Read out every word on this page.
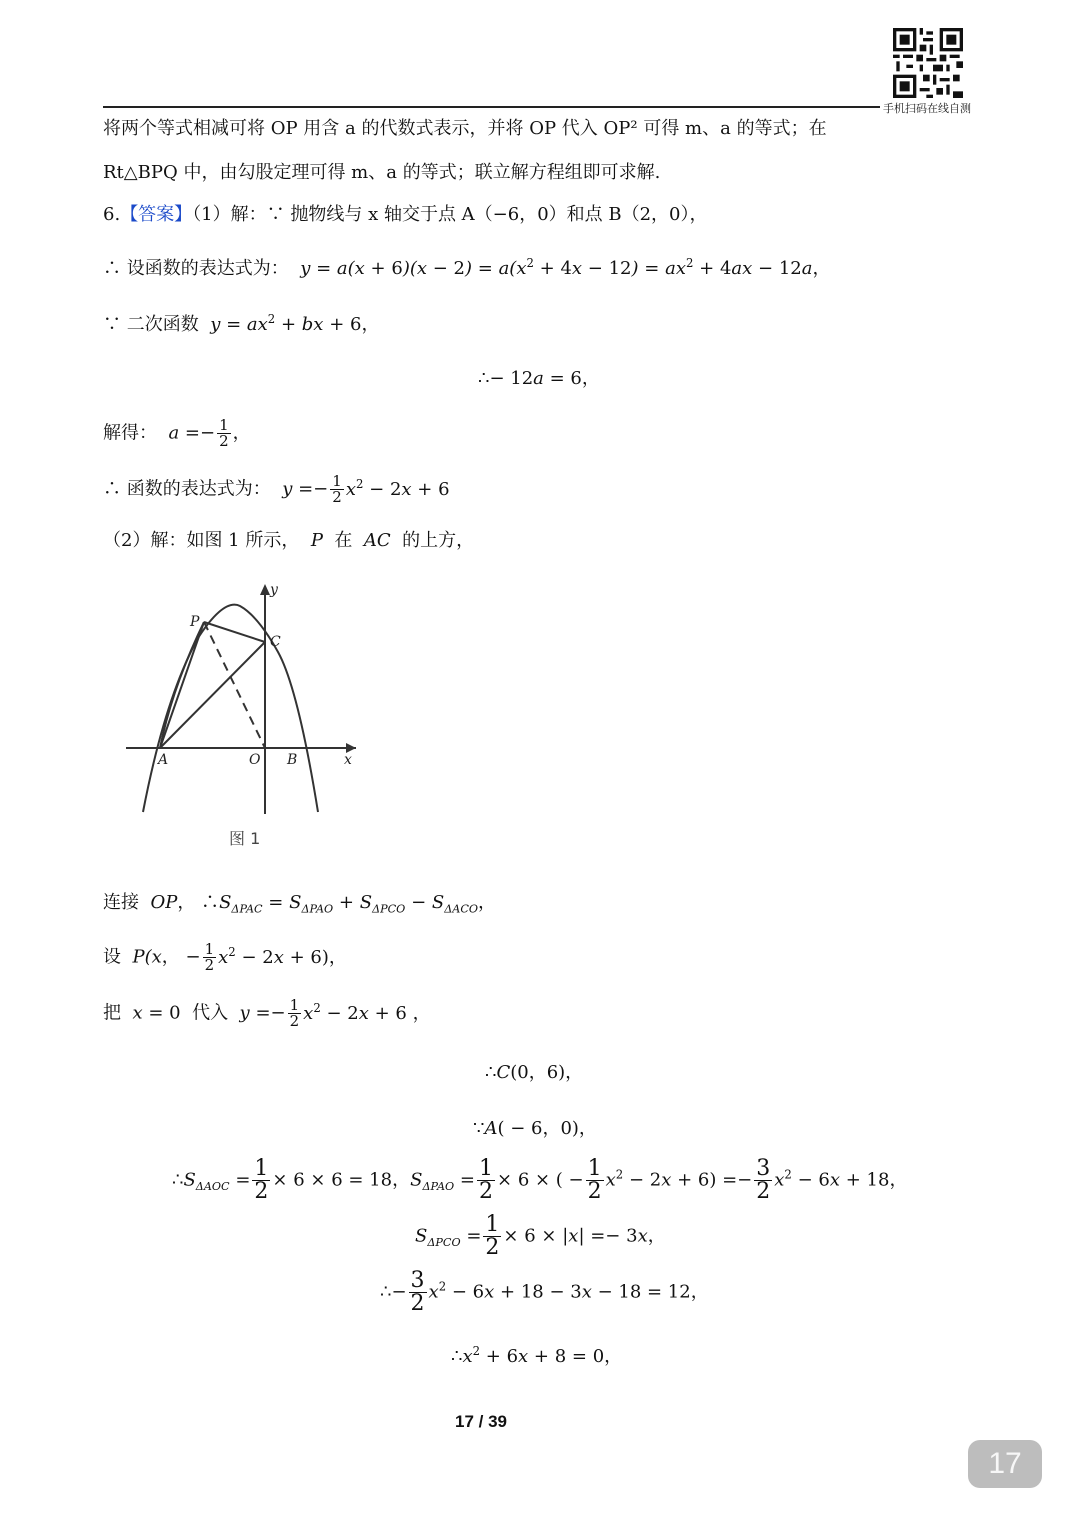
手机扫码在线自测
将两个等式相减可将 OP 用含 a 的代数式表示，并将 OP 代入 OP² 可得 m、a 的等式；在
Rt△BPQ 中，由勾股定理可得 m、a 的等式；联立解方程组即可求解.
6.【答案】（1）解：∵ 抛物线与 x 轴交于点 A（−6，0）和点 B（2，0），
∴ 设函数的表达式为：  $y = a(x + 6)(x - 2) = a(x^2 + 4x - 12) = ax^2 + 4ax - 12a$，
∵ 二次函数  $y = ax^2$ + bx + 6，
∴− 12a = 6，
解得：  $a =- \frac{1}{2}$ ，
∴ 函数的表达式为：  $y =- \frac{1}{2} x^2 - 2x + 6$
（2）解：如图 1 所示，  P  在  AC  的上方，
y
x
P
C
A	O B
图 1
连接  OP， $\therefore S_{\Delta PAC} = S_{\Delta PAO} + S_{\Delta PCO} - S_{\Delta ACO}$，
设  P(x， − $\frac{1}{2} x^2 - 2x + 6$)，
把  x = 0 代入  $y =- \frac{1}{2} x^2 - 2x + 6$ ，
∴C(0，6)，
∵A( − 6，0)，
$\therefore S_{\Delta AOC} = \frac{1}{2} \times 6 \times 6 = 18$，$S_{\Delta PAO} = \frac{1}{2} \times 6$ × ( − $\frac{1}{2} x^2 - 2x + 6) =- \frac{3}{2} x^2 - 6x + 18$，
$S_{\Delta PCO} = \frac{1}{2} \times 6 \times |x| =- 3x$，
∴− $\frac{3}{2} x^2 - 6x + 18 - 3x - 18 = 12$，
$\therefore x^2 + 6x + 8 = 0$，
17 / 39
17
